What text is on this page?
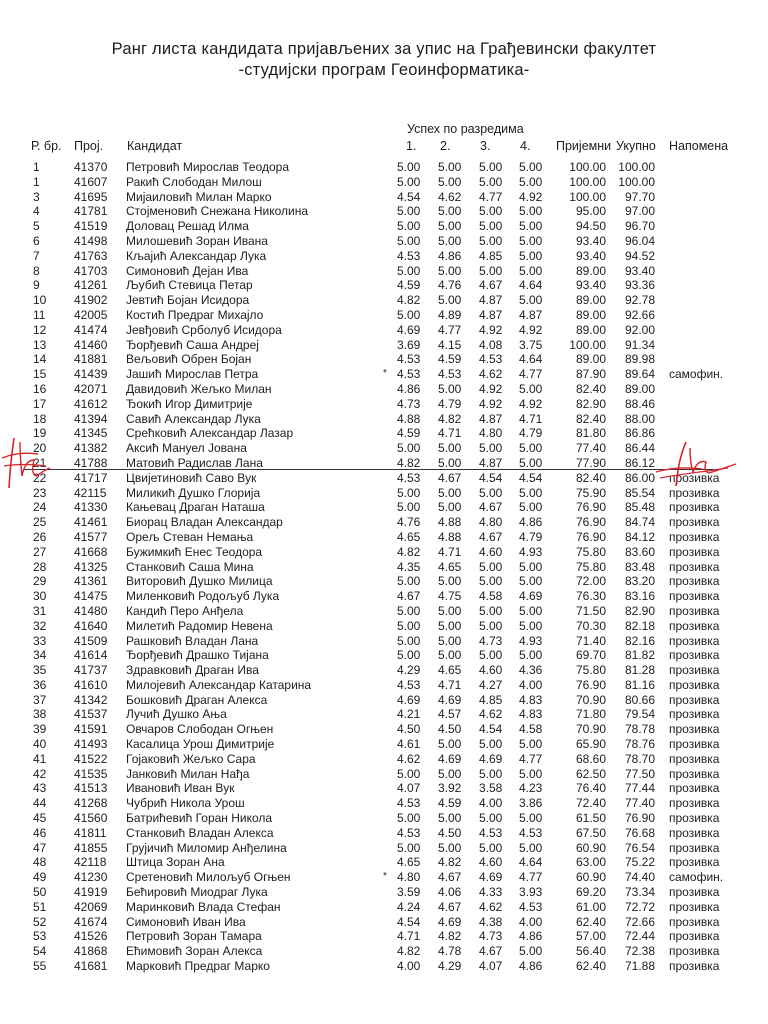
Ранг листа кандидата пријављених за упис на Грађевински факултет
-студијски програм Геоинформатика-
Успех по разредима
Р. бр. Прој. Кандидат	1. 2. 3. 4. Пријемни Укупно Напомена
1	41370 Петровић Мирослав Теодора	5.00 5.00 5.00 5.00	100.00 100.00
1	41607 Ракић Слободан Милош	5.00 5.00 5.00 5.00	100.00 100.00
3	41695 Мијаиловић Милан Марко	4.54 4.62 4.77 4.92	100.00	97.70
4	41781 Стојменовић Снежана Николина	5.00 5.00 5.00 5.00	95.00	97.00
5	41519 Доловац Решад Илма	5.00 5.00 5.00 5.00	94.50	96.70
6	41498 Милошевић Зоран Ивана	5.00 5.00 5.00 5.00	93.40	96.04
7	41763 Кљајић Александар Лука	4.53 4.86 4.85 5.00	93.40	94.52
8	41703 Симоновић Дејан Ива	5.00 5.00 5.00 5.00	89.00	93.40
9	41261 Љубић Стевица Петар	4.59 4.76 4.67 4.64	93.40	93.36
10 41902 Јевтић Бојан Исидора	4.82 5.00 4.87 5.00	89.00	92.78
11 42005 Костић Предраг Михајло	5.00 4.89 4.87 4.87	89.00	92.66
12 41474 Јевђовић Срболуб Исидора	4.69 4.77 4.92 4.92	89.00	92.00
13 41460 Ђорђевић Саша Андреј	3.69 4.15 4.08 3.75	100.00	91.34
14 41881 Вељовић Обрен Бојан	4.53 4.59 4.53 4.64	89.00	89.98
15 41439 Јашић Мирослав Петра	* 4.53 4.53 4.62 4.77	87.90	89.64 самофин.
16 42071 Давидовић Жељко Милан	4.86 5.00 4.92 5.00	82.40	89.00
17 41612 Ђокић Игор Димитрије	4.73 4.79 4.92 4.92	82.90	88.46
18 41394 Савић Александар Лука	4.88 4.82 4.87 4.71	82.40	88.00
19 41345 Срећковић Александар Лазар	4.59 4.71 4.80 4.79	81.80	86.86
20 41382 Аксић Мануел Јована	5.00 5.00 5.00 5.00	77.40	86.44
21 41788 Матовић Радислав Лана	4.82 5.00 4.87 5.00	77.90	86.12
22 41717 Цвијетиновић Саво Вук	4.53 4.67 4.54 4.54	82.40	86.00 прозивка
23 42115 Миликић Душко Глорија	5.00 5.00 5.00 5.00	75.90	85.54 прозивка
24 41330 Кањевац Драган Наташа	5.00 5.00 4.67 5.00	76.90	85.48 прозивка
25 41461 Биорац Владан Александар	4.76 4.88 4.80 4.86	76.90	84.74 прозивка
26 41577 Орељ Стеван Немања	4.65 4.88 4.67 4.79	76.90	84.12 прозивка
27 41668 Бужимкић Енес Теодора	4.82 4.71 4.60 4.93	75.80	83.60 прозивка
28 41325 Станковић Саша Мина	4.35 4.65 5.00 5.00	75.80	83.48 прозивка
29 41361 Виторовић Душко Милица	5.00 5.00 5.00 5.00	72.00	83.20 прозивка
30 41475 Миленковић Родољуб Лука	4.67 4.75 4.58 4.69	76.30	83.16 прозивка
31 41480 Кандић Перо Анђела	5.00 5.00 5.00 5.00	71.50	82.90 прозивка
32 41640 Милетић Радомир Невена	5.00 5.00 5.00 5.00	70.30	82.18 прозивка
33 41509 Рашковић Владан Лана	5.00 5.00 4.73 4.93	71.40	82.16 прозивка
34 41614 Ђорђевић Драшко Тијана	5.00 5.00 5.00 5.00	69.70	81.82 прозивка
35 41737 Здравковић Драган Ива	4.29 4.65 4.60 4.36	75.80	81.28 прозивка
36 41610 Милојевић Александар Катарина	4.53 4.71 4.27 4.00	76.90	81.16 прозивка
37 41342 Бошковић Драган Алекса	4.69 4.69 4.85 4.83	70.90	80.66 прозивка
38 41537 Лучић Душко Ања	4.21 4.57 4.62 4.83	71.80	79.54 прозивка
39 41591 Овчаров Слободан Огњен	4.50 4.50 4.54 4.58	70.90	78.78 прозивка
40 41493 Касалица Урош Димитрије	4.61 5.00 5.00 5.00	65.90	78.76 прозивка
41 41522 Гојаковић Жељко Сара	4.62 4.69 4.69 4.77	68.60	78.70 прозивка
42 41535 Јанковић Милан Нађа	5.00 5.00 5.00 5.00	62.50	77.50 прозивка
43 41513 Ивановић Иван Вук	4.07 3.92 3.58 4.23	76.40	77.44 прозивка
44 41268 Чубрић Никола Урош	4.53 4.59 4.00 3.86	72.40	77.40 прозивка
45 41560 Батрићевић Горан Никола	5.00 5.00 5.00 5.00	61.50	76.90 прозивка
46 41811 Станковић Владан Алекса	4.53 4.50 4.53 4.53	67.50	76.68 прозивка
47 41855 Грујичић Миломир Анђелина	5.00 5.00 5.00 5.00	60.90	76.54 прозивка
48 42118 Штица Зоран Ана	4.65 4.82 4.60 4.64	63.00	75.22 прозивка
49 41230 Сретеновић Милољуб Огњен	* 4.80 4.67 4.69 4.77	60.90	74.40 самофин.
50 41919 Бећировић Миодраг Лука	3.59 4.06 4.33 3.93	69.20	73.34 прозивка
51 42069 Маринковић Влада Стефан	4.24 4.67 4.62 4.53	61.00	72.72 прозивка
52 41674 Симоновић Иван Ива	4.54 4.69 4.38 4.00	62.40	72.66 прозивка
53 41526 Петровић Зоран Тамара	4.71 4.82 4.73 4.86	57.00	72.44 прозивка
54 41868 Ећимовић Зоран Алекса	4.82 4.78 4.67 5.00	56.40	72.38 прозивка
55 41681 Марковић Предраг Марко	4.00 4.29 4.07 4.86	62.40	71.88 прозивка
